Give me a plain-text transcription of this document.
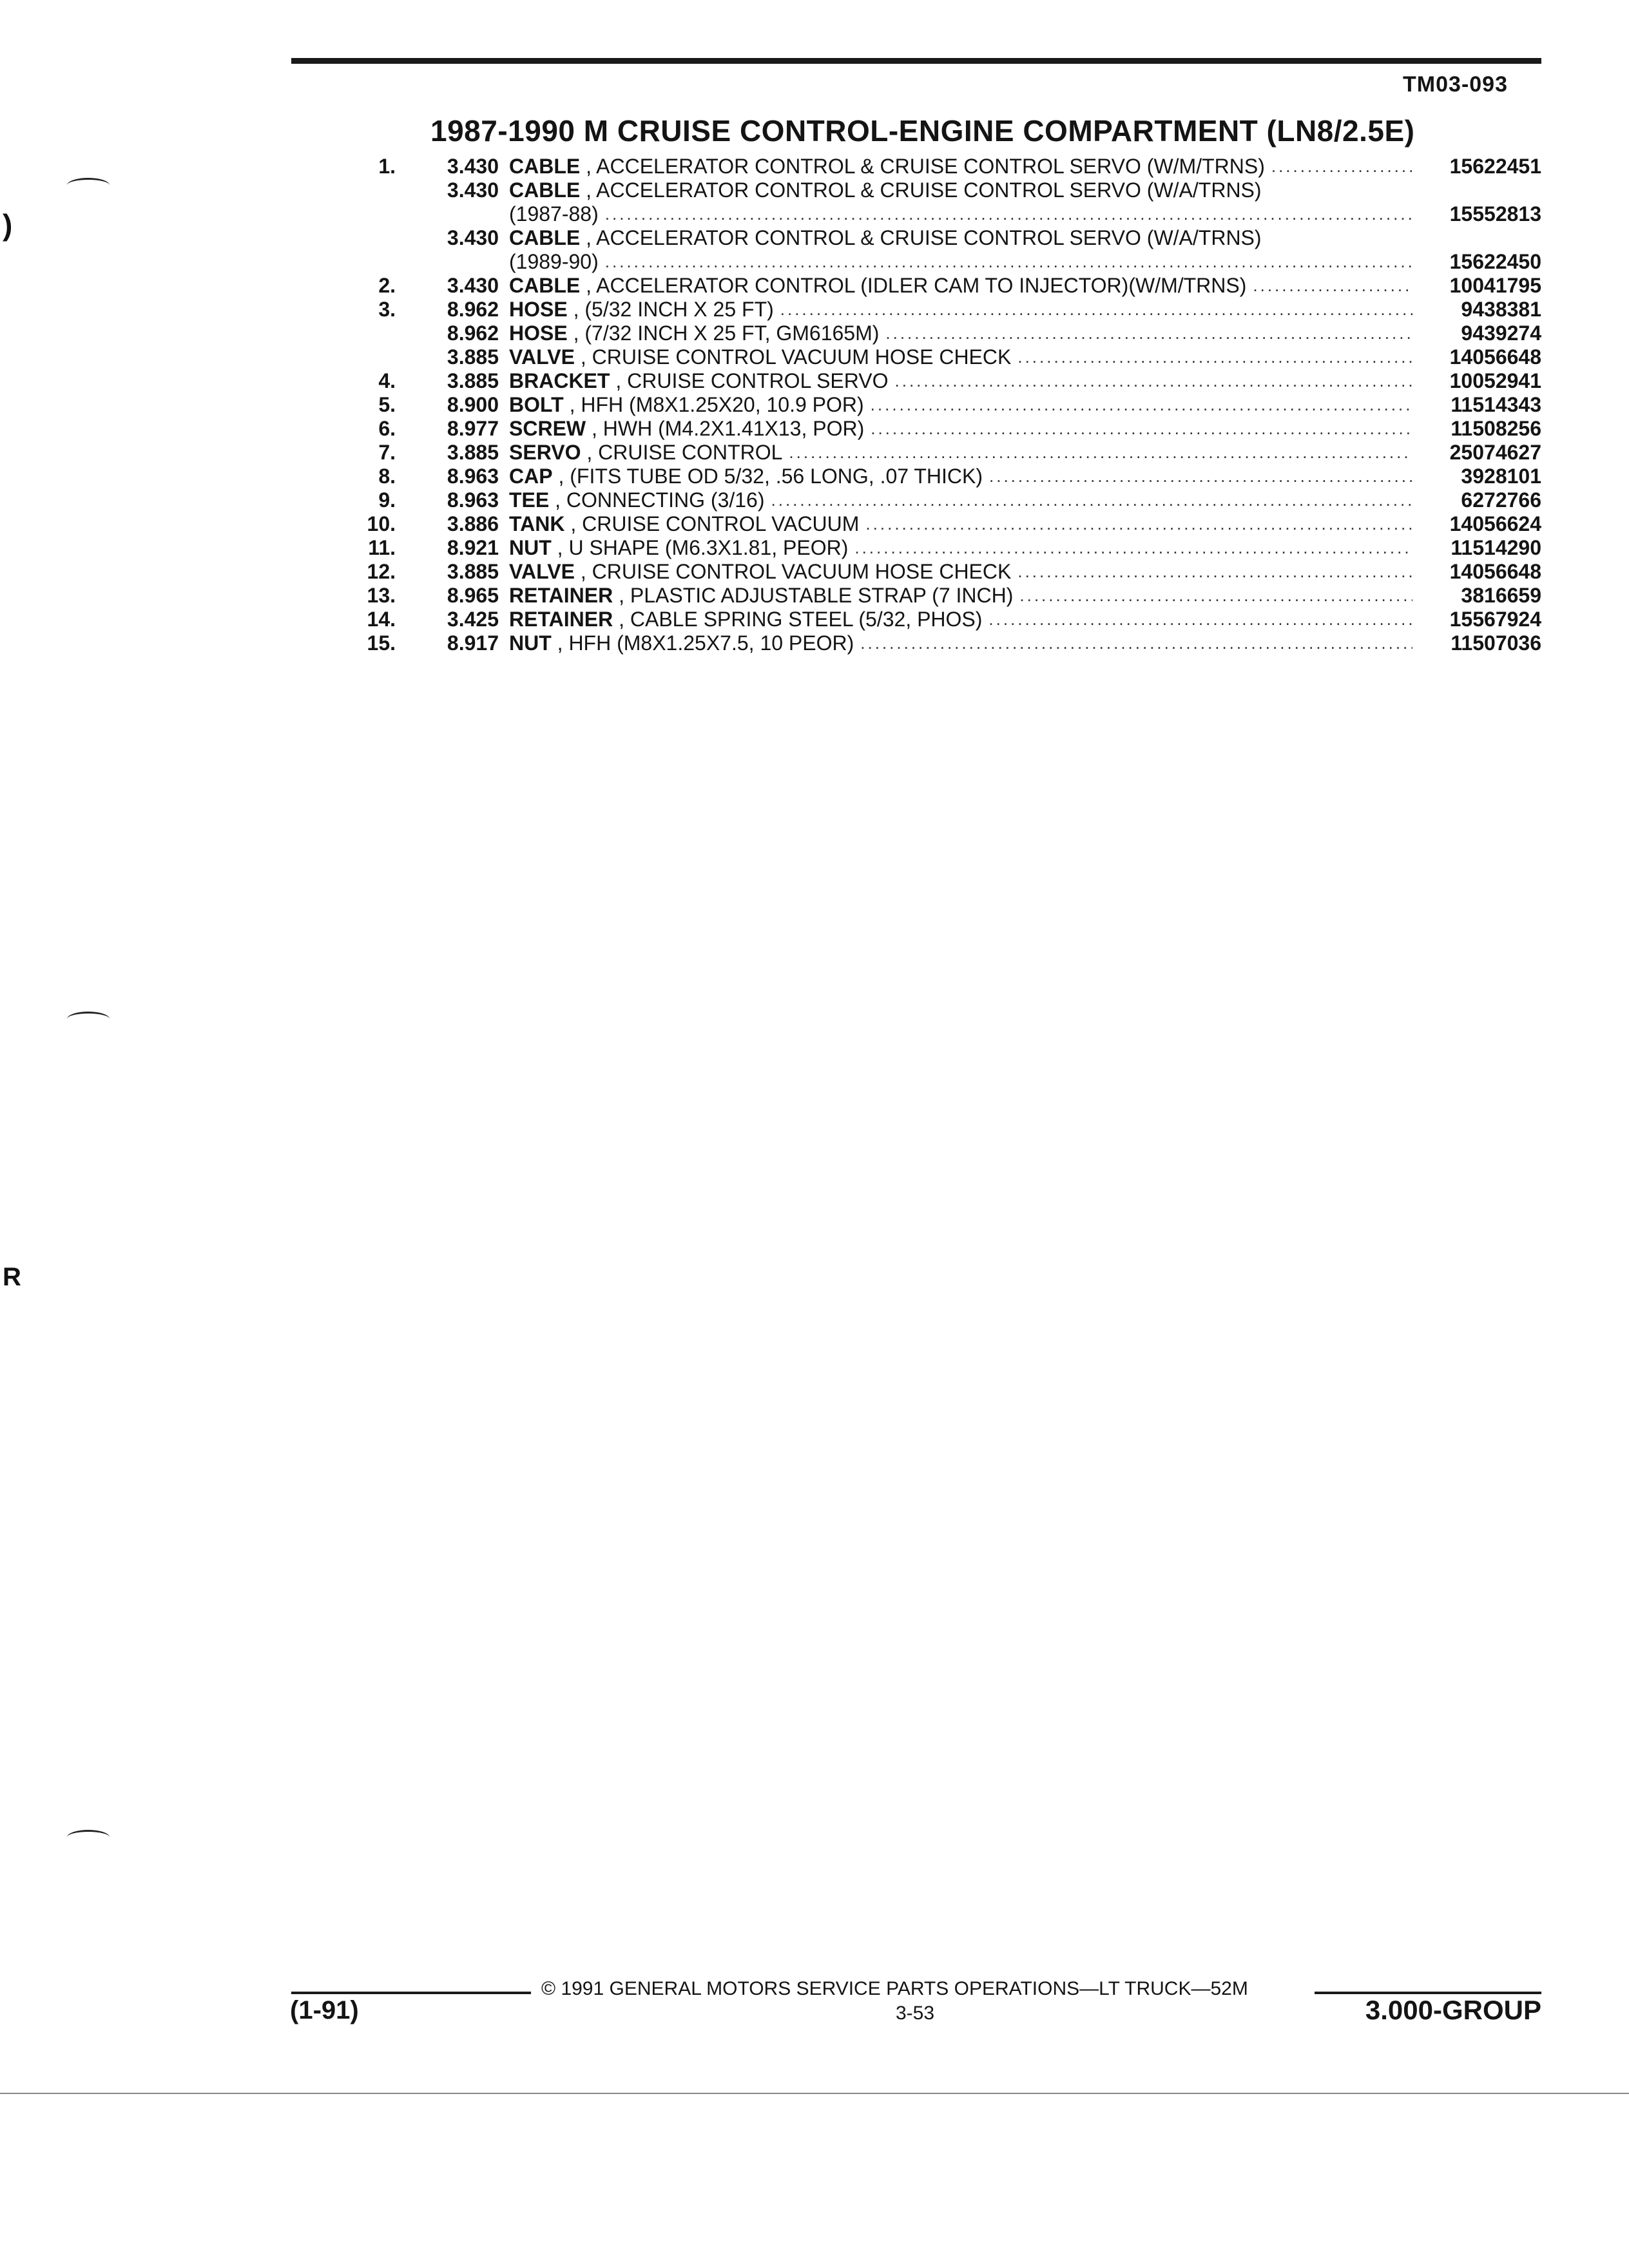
TM03-093
1987-1990 M CRUISE CONTROL-ENGINE COMPARTMENT (LN8/2.5E)
1.	3.430 CABLE , ACCELERATOR CONTROL & CRUISE CONTROL SERVO (W/M/TRNS) .....	15622451
3.430 CABLE , ACCELERATOR CONTROL & CRUISE CONTROL SERVO (W/A/TRNS)
(1987-88) .....	15552813
3.430 CABLE , ACCELERATOR CONTROL & CRUISE CONTROL SERVO (W/A/TRNS)
(1989-90) .....	15622450
2.	3.430 CABLE , ACCELERATOR CONTROL (IDLER CAM TO INJECTOR)(W/M/TRNS) .....	10041795
3.	8.962 HOSE , (5/32 INCH X 25 FT) .....	9438381
8.962 HOSE , (7/32 INCH X 25 FT, GM6165M) .....	9439274
3.885 VALVE , CRUISE CONTROL VACUUM HOSE CHECK .....	14056648
4.	3.885 BRACKET , CRUISE CONTROL SERVO .....	10052941
5.	8.900 BOLT , HFH (M8X1.25X20, 10.9 POR) .....	11514343
6.	8.977 SCREW , HWH (M4.2X1.41X13, POR) .....	11508256
7.	3.885 SERVO , CRUISE CONTROL .....	25074627
8.	8.963 CAP , (FITS TUBE OD 5/32, .56 LONG, .07 THICK) .....	3928101
9.	8.963 TEE , CONNECTING (3/16) .....	6272766
10.	3.886 TANK , CRUISE CONTROL VACUUM .....	14056624
11.	8.921 NUT , U SHAPE (M6.3X1.81, PEOR) .....	11514290
12.	3.885 VALVE , CRUISE CONTROL VACUUM HOSE CHECK .....	14056648
13.	8.965 RETAINER , PLASTIC ADJUSTABLE STRAP (7 INCH) .....	3816659
14.	3.425 RETAINER , CABLE SPRING STEEL (5/32, PHOS) .....	15567924
15.	8.917 NUT , HFH (M8X1.25X7.5, 10 PEOR) .....	11507036
© 1991 GENERAL MOTORS SERVICE PARTS OPERATIONS—LT TRUCK—52M
(1-91)	3-53	3.000-GROUP
)
R
